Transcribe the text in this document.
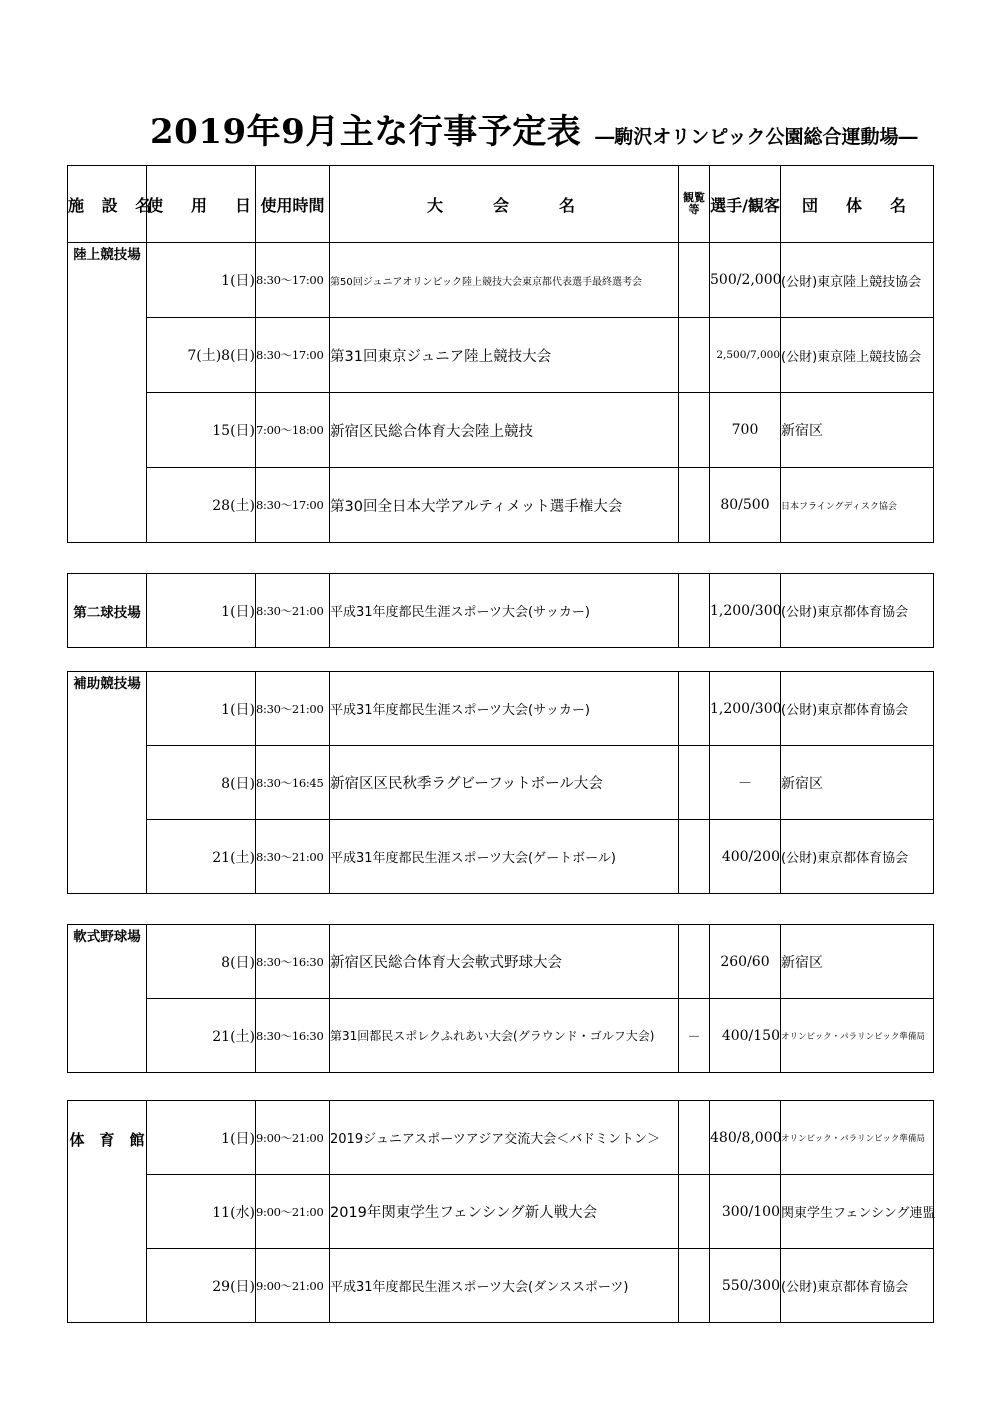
2019年9月主な行事予定表 ―駒沢オリンピック公園総合運動場―
施 設 名	使　用　日	使用時間	大　　会　　名	観覧等	選手/観客	団　体　名
陸上競技場	1(日)	8:30～17:00	第50回ジュニアオリンピック陸上競技大会東京都代表選手最終選考会		500/2,000	(公財)東京陸上競技協会
	7(土)8(日)	8:30～17:00	第31回東京ジュニア陸上競技大会		2,500/7,000	(公財)東京陸上競技協会
	15(日)	7:00～18:00	新宿区民総合体育大会陸上競技		700	新宿区
	28(土)	8:30～17:00	第30回全日本大学アルティメット選手権大会		80/500	日本フライングディスク協会
第二球技場	1(日)	8:30～21:00	平成31年度都民生涯スポーツ大会(サッカー)		1,200/300	(公財)東京都体育協会
補助競技場	1(日)	8:30～21:00	平成31年度都民生涯スポーツ大会(サッカー)		1,200/300	(公財)東京都体育協会
	8(日)	8:30～16:45	新宿区区民秋季ラグビーフットボール大会		－	新宿区
	21(土)	8:30～21:00	平成31年度都民生涯スポーツ大会(ゲートボール)		400/200	(公財)東京都体育協会
軟式野球場	8(日)	8:30～16:30	新宿区民総合体育大会軟式野球大会		260/60	新宿区
	21(土)	8:30～16:30	第31回都民スポレクふれあい大会(グラウンド・ゴルフ大会)	－	400/150	オリンピック・パラリンピック準備局
体　育　館	1(日)	9:00～21:00	2019ジュニアスポーツアジア交流大会＜バドミントン＞		480/8,000	オリンピック・パラリンピック準備局
	11(水)	9:00～21:00	2019年関東学生フェンシング新人戦大会		300/100	関東学生フェンシング連盟
	29(日)	9:00～21:00	平成31年度都民生涯スポーツ大会(ダンススポーツ)		550/300	(公財)東京都体育協会
